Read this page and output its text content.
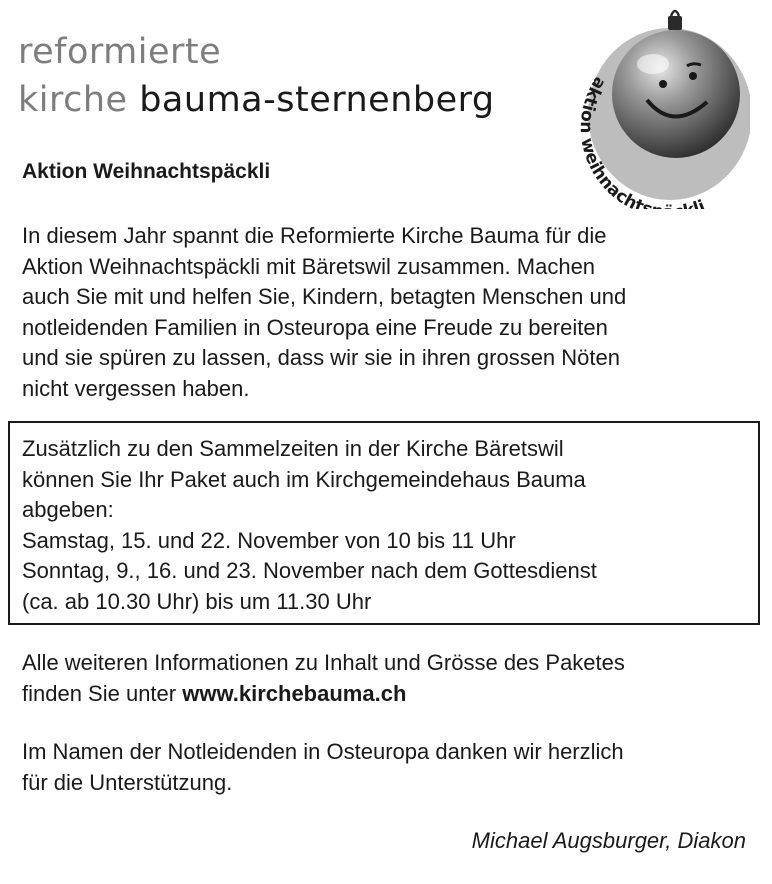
reformierte
kirche bauma-sternenberg	aktion weihnacht li
Aktion Weihnachtspäckli
In diesem Jahr spannt die Reformierte Kirche Bauma für die
Aktion Weihnachtspäckli mit Bäretswil zusammen. Machen
auch Sie mit und helfen Sie, Kindern, betagten Menschen und
notleidenden Familien in Osteuropa eine Freude zu bereiten
und sie spüren zu lassen, dass wir sie in ihren grossen Nöten
nicht vergessen haben.
Zusätzlich zu den Sammelzeiten in der Kirche Bäretswil
können Sie Ihr Paket auch im Kirchgemeindehaus Bauma
abgeben:
Samstag, 15. und 22. November von 10 bis 11 Uhr
Sonntag, 9., 16. und 23. November nach dem Gottesdienst
(ca. ab 10.30 Uhr) bis um 11.30 Uhr
Alle weiteren Informationen zu Inhalt und Grösse des Paketes
finden Sie unter www.kirchebauma.ch
Im Namen der Notleidenden in Osteuropa danken wir herzlich
für die Unterstützung.
Michael Augsburger, Diakon
